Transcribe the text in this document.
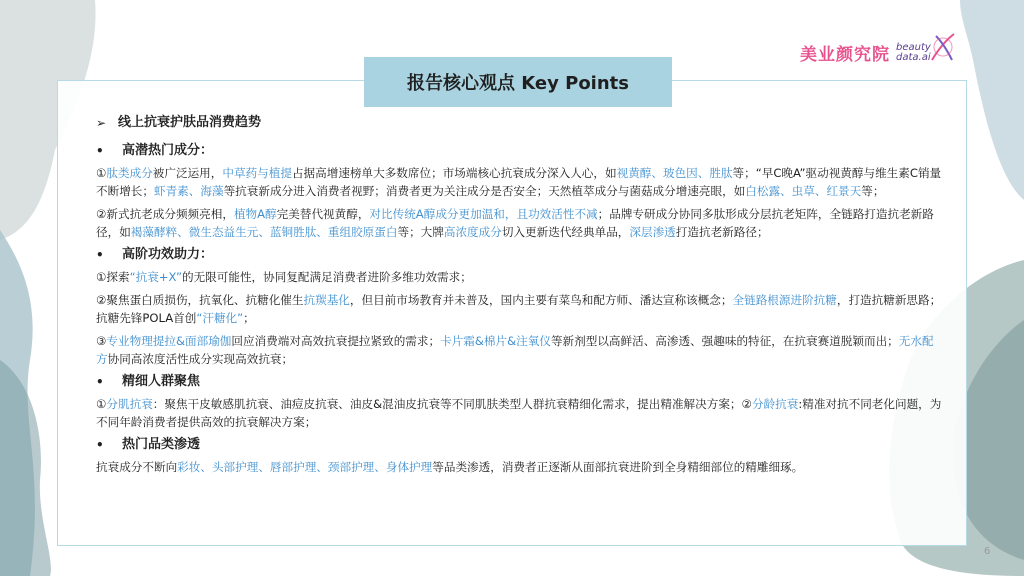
报告核心观点 Key Points
美业颜究院 beauty
data.ai
➢ 线上抗衰护肤品消费趋势
•	高潜热门成分：
①肽类成分被广泛运用，中草药与植提占据高增速榜单大多数席位；市场端核心抗衰成分深入人心，如视黄醇、玻色因、胜肽等；“早C晚A”驱动视黄醇与维生素C销量不断增长；虾青素、海藻等抗衰新成分进入消费者视野；消费者更为关注成分是否安全；天然植萃成分与菌菇成分增速亮眼，如白松露、虫草、红景天等；
②新式抗老成分频频亮相，植物A醇完美替代视黄醇，对比传统A醇成分更加温和，且功效活性不减；品牌专研成分协同多肽形成分层抗老矩阵，全链路打造抗老新路径，如褐藻酵粹、微生态益生元、蓝铜胜肽、重组胶原蛋白等；大牌高浓度成分切入更新迭代经典单品，深层渗透打造抗老新路径；
•	高阶功效助力：
①探索“抗衰+X”的无限可能性，协同复配满足消费者进阶多维功效需求；
②聚焦蛋白质损伤，抗氧化、抗糖化催生抗羰基化，但目前市场教育并未普及，国内主要有菜鸟和配方师、潘达宣称该概念；全链路根源进阶抗糖，打造抗糖新思路；抗糖先锋POLA首创“汗糖化”；
③专业物理提拉&面部瑜伽回应消费端对高效抗衰提拉紧致的需求；卡片霜&棉片&注氧仪等新剂型以高鲜活、高渗透、强趣味的特征，在抗衰赛道脱颖而出；无水配方协同高浓度活性成分实现高效抗衰；
•	精细人群聚焦
①分肌抗衰：聚焦干皮敏感肌抗衰、油痘皮抗衰、油皮&混油皮抗衰等不同肌肤类型人群抗衰精细化需求，提出精准解决方案；②分龄抗衰:精准对抗不同老化问题，为不同年龄消费者提供高效的抗衰解决方案；
•	热门品类渗透
抗衰成分不断向彩妆、头部护理、唇部护理、颈部护理、身体护理等品类渗透，消费者正逐渐从面部抗衰进阶到全身精细部位的精雕细琢。
6
